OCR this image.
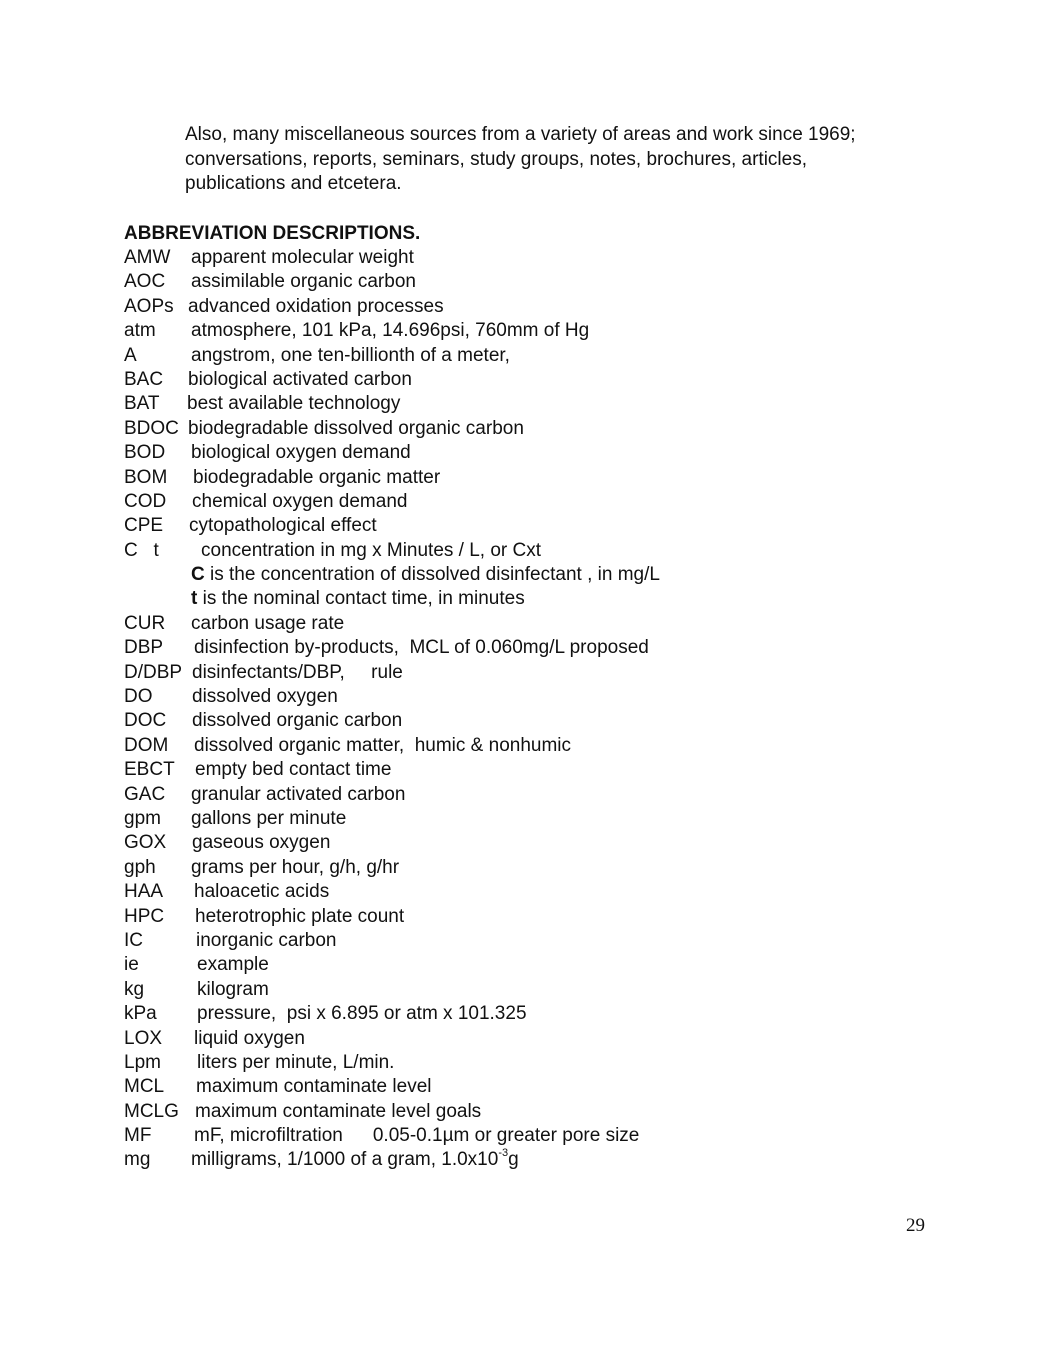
Also, many miscellaneous sources from a variety of areas and work since 1969;
conversations, reports, seminars, study groups, notes, brochures, articles,
publications and etcetera.
ABBREVIATION DESCRIPTIONS.
AMW apparent molecular weight
AOC assimilable organic carbon
AOPs advanced oxidation processes
atm atmosphere, 101 kPa, 14.696psi, 760mm of Hg
A	angstrom, one ten-billionth of a meter,
BAC biological activated carbon
BAT best available technology
BDOC biodegradable dissolved organic carbon
BOD biological oxygen demand
BOM biodegradable organic matter
COD chemical oxygen demand
CPE cytopathological effect
C   t concentration in mg x Minutes / L, or Cxt
C is the concentration of dissolved disinfectant , in mg/L
t is the nominal contact time, in minutes
CUR carbon usage rate
DBP disinfection by-products,  MCL of 0.060mg/L proposed
D/DBP disinfectants/DBP,     rule
DO dissolved oxygen
DOC dissolved organic carbon
DOM dissolved organic matter,  humic & nonhumic
EBCT empty bed contact time
GAC granular activated carbon
gpm gallons per minute
GOX gaseous oxygen
gph grams per hour, g/h, g/hr
HAA haloacetic acids
HPC heterotrophic plate count
IC	inorganic carbon
ie	example
kg	kilogram
kPa pressure,  psi x 6.895 or atm x 101.325
LOX liquid oxygen
Lpm liters per minute, L/min.
MCL maximum contaminate level
MCLG maximum contaminate level goals
MF mF, microfiltration 0.05-0.1µm or greater pore size
mg milligrams, 1/1000 of a gram, $1.0x10^{-3}g$
29
